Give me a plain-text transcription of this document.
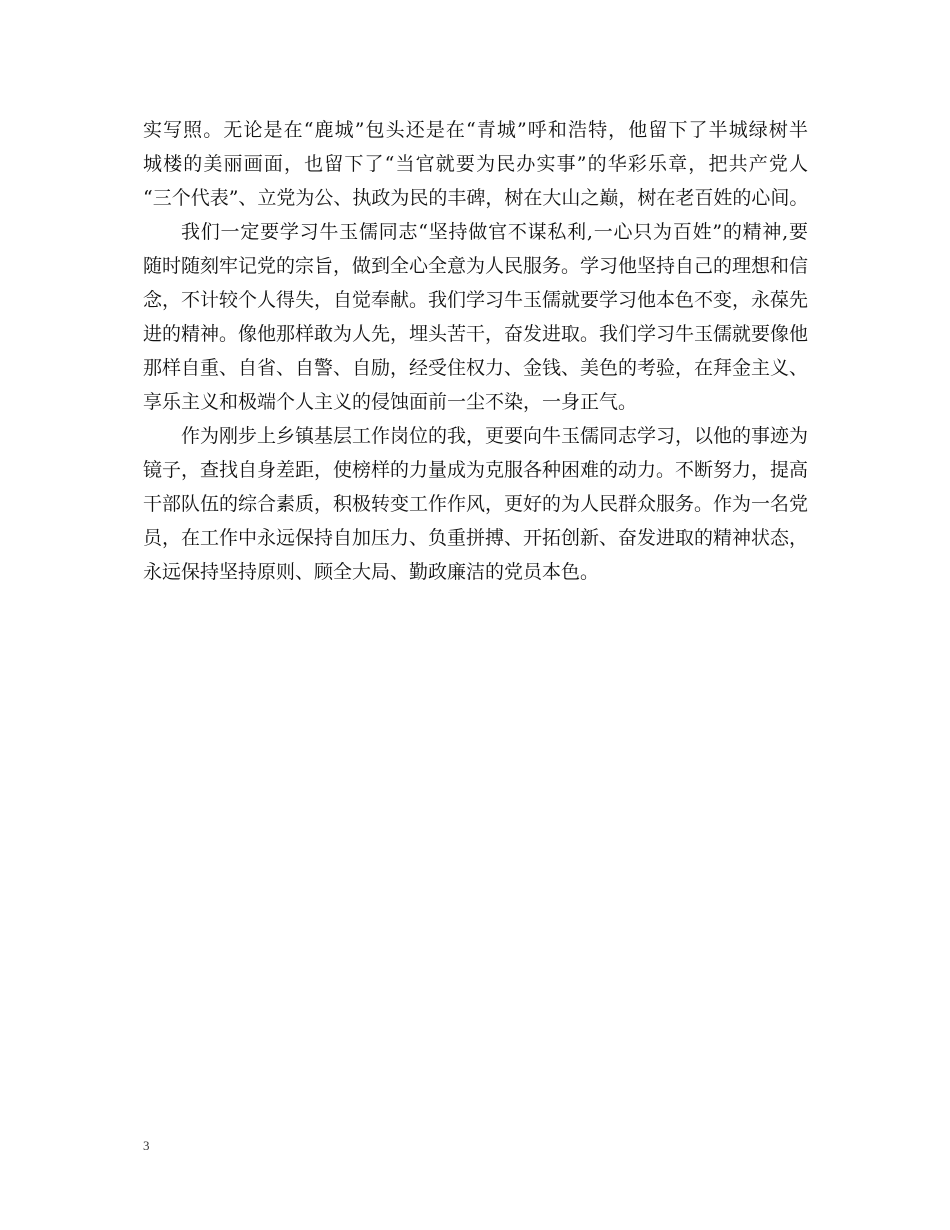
实写照。无论是在“鹿城”包头还是在“青城”呼和浩特，他留下了半城绿树半
城楼的美丽画面，也留下了“当官就要为民办实事”的华彩乐章，把共产党人
“三个代表”、立党为公、执政为民的丰碑，树在大山之巅，树在老百姓的心间。
我们一定要学习牛玉儒同志“坚持做官不谋私利,一心只为百姓”的精神,要
随时随刻牢记党的宗旨，做到全心全意为人民服务。学习他坚持自己的理想和信
念，不计较个人得失，自觉奉献。我们学习牛玉儒就要学习他本色不变，永葆先
进的精神。像他那样敢为人先，埋头苦干，奋发进取。我们学习牛玉儒就要像他
那样自重、自省、自警、自励，经受住权力、金钱、美色的考验，在拜金主义、
享乐主义和极端个人主义的侵蚀面前一尘不染，一身正气。
作为刚步上乡镇基层工作岗位的我，更要向牛玉儒同志学习，以他的事迹为
镜子，查找自身差距，使榜样的力量成为克服各种困难的动力。不断努力，提高
干部队伍的综合素质，积极转变工作作风，更好的为人民群众服务。作为一名党
员，在工作中永远保持自加压力、负重拼搏、开拓创新、奋发进取的精神状态，
永远保持坚持原则、顾全大局、勤政廉洁的党员本色。
3
